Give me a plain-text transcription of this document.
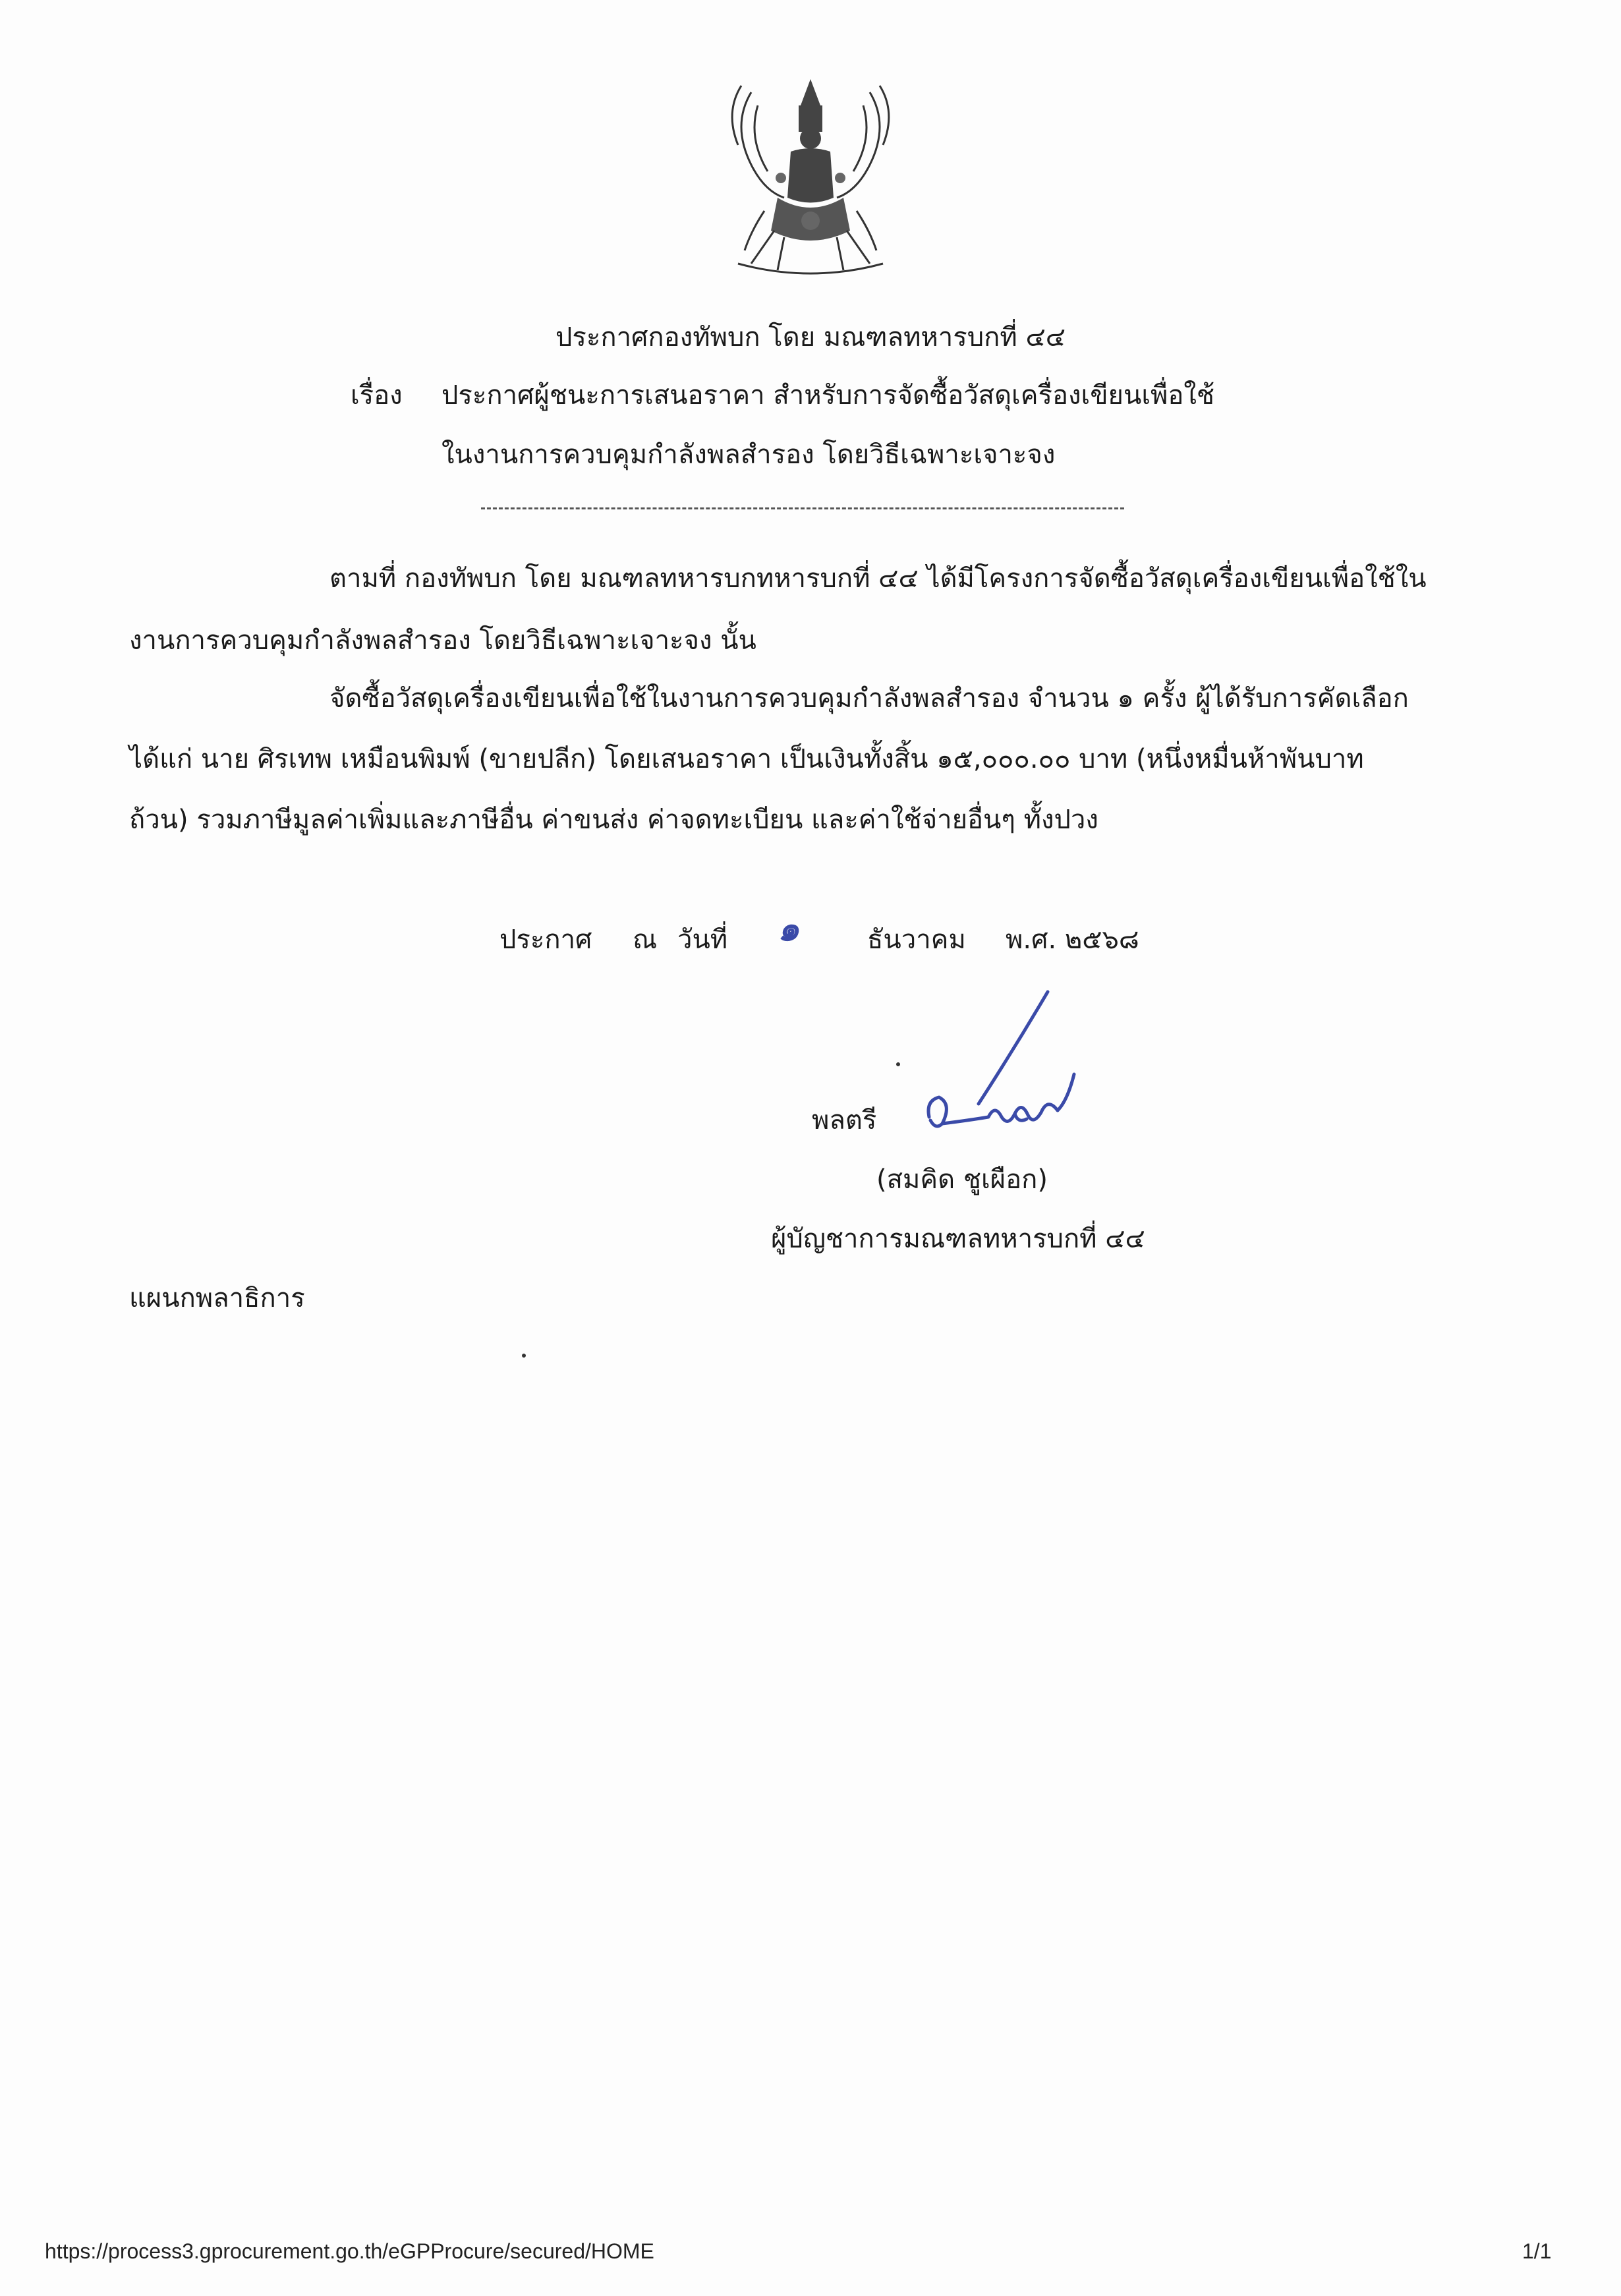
ประกาศกองทัพบก โดย มณฑลทหารบกที่ ๔๔
เรื่อง ประกาศผู้ชนะการเสนอราคา สำหรับการจัดซื้อวัสดุเครื่องเขียนเพื่อใช้
ในงานการควบคุมกำลังพลสำรอง โดยวิธีเฉพาะเจาะจง
ตามที่ กองทัพบก โดย มณฑลทหารบกทหารบกที่ ๔๔ ได้มีโครงการจัดซื้อวัสดุเครื่องเขียนเพื่อใช้ใน
งานการควบคุมกำลังพลสำรอง โดยวิธีเฉพาะเจาะจง นั้น
จัดซื้อวัสดุเครื่องเขียนเพื่อใช้ในงานการควบคุมกำลังพลสำรอง จำนวน ๑ ครั้ง ผู้ได้รับการคัดเลือก
ได้แก่ นาย ศิรเทพ เหมือนพิมพ์ (ขายปลีก) โดยเสนอราคา เป็นเงินทั้งสิ้น ๑๕,๐๐๐.๐๐ บาท (หนึ่งหมื่นห้าพันบาท
ถ้วน) รวมภาษีมูลค่าเพิ่มและภาษีอื่น ค่าขนส่ง ค่าจดทะเบียน และค่าใช้จ่ายอื่นๆ ทั้งปวง
ประกาศ ณ วันที่ ๑	ธันวาคม พ.ศ. ๒๕๖๘
พลตรี
(สมคิด ชูเผือก)
ผู้บัญชาการมณฑลทหารบกที่ ๔๔
แผนกพลาธิการ
https://process3.gprocurement.go.th/eGPProcure/secured/HOME	1/1
